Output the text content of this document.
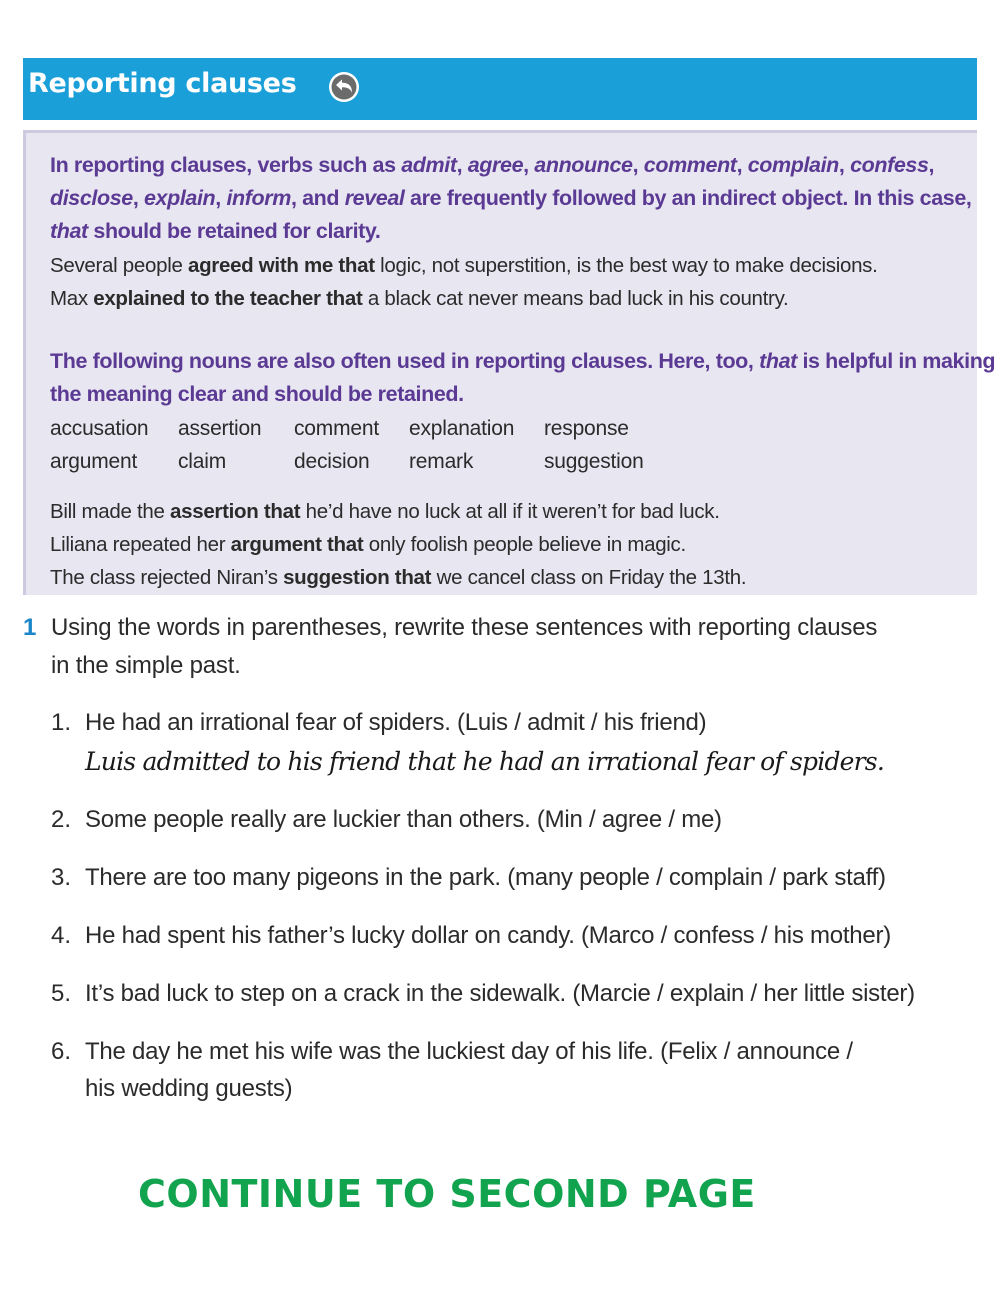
Reporting clauses
In reporting clauses, verbs such as admit, agree, announce, comment, complain, confess,
disclose, explain, inform, and reveal are frequently followed by an indirect object. In this case,
that should be retained for clarity.
Several people agreed with me that logic, not superstition, is the best way to make decisions.
Max explained to the teacher that a black cat never means bad luck in his country.
The following nouns are also often used in reporting clauses. Here, too, that is helpful in making
the meaning clear and should be retained.
accusation assertion comment explanation response
argument claim	decision remark	suggestion
Bill made the assertion that he’d have no luck at all if it weren’t for bad luck.
Liliana repeated her argument that only foolish people believe in magic.
The class rejected Niran’s suggestion that we cancel class on Friday the 13th.
1 Using the words in parentheses, rewrite these sentences with reporting clauses
in the simple past.
1. He had an irrational fear of spiders. (Luis / admit / his friend)
Luis admitted to his friend that he had an irrational fear of spiders.
2. Some people really are luckier than others. (Min / agree / me)
3. There are too many pigeons in the park. (many people / complain / park staff)
4. He had spent his father’s lucky dollar on candy. (Marco / confess / his mother)
5. It’s bad luck to step on a crack in the sidewalk. (Marcie / explain / her little sister)
6. The day he met his wife was the luckiest day of his life. (Felix / announce /
his wedding guests)
CONTINUE TO SECOND PAGE
